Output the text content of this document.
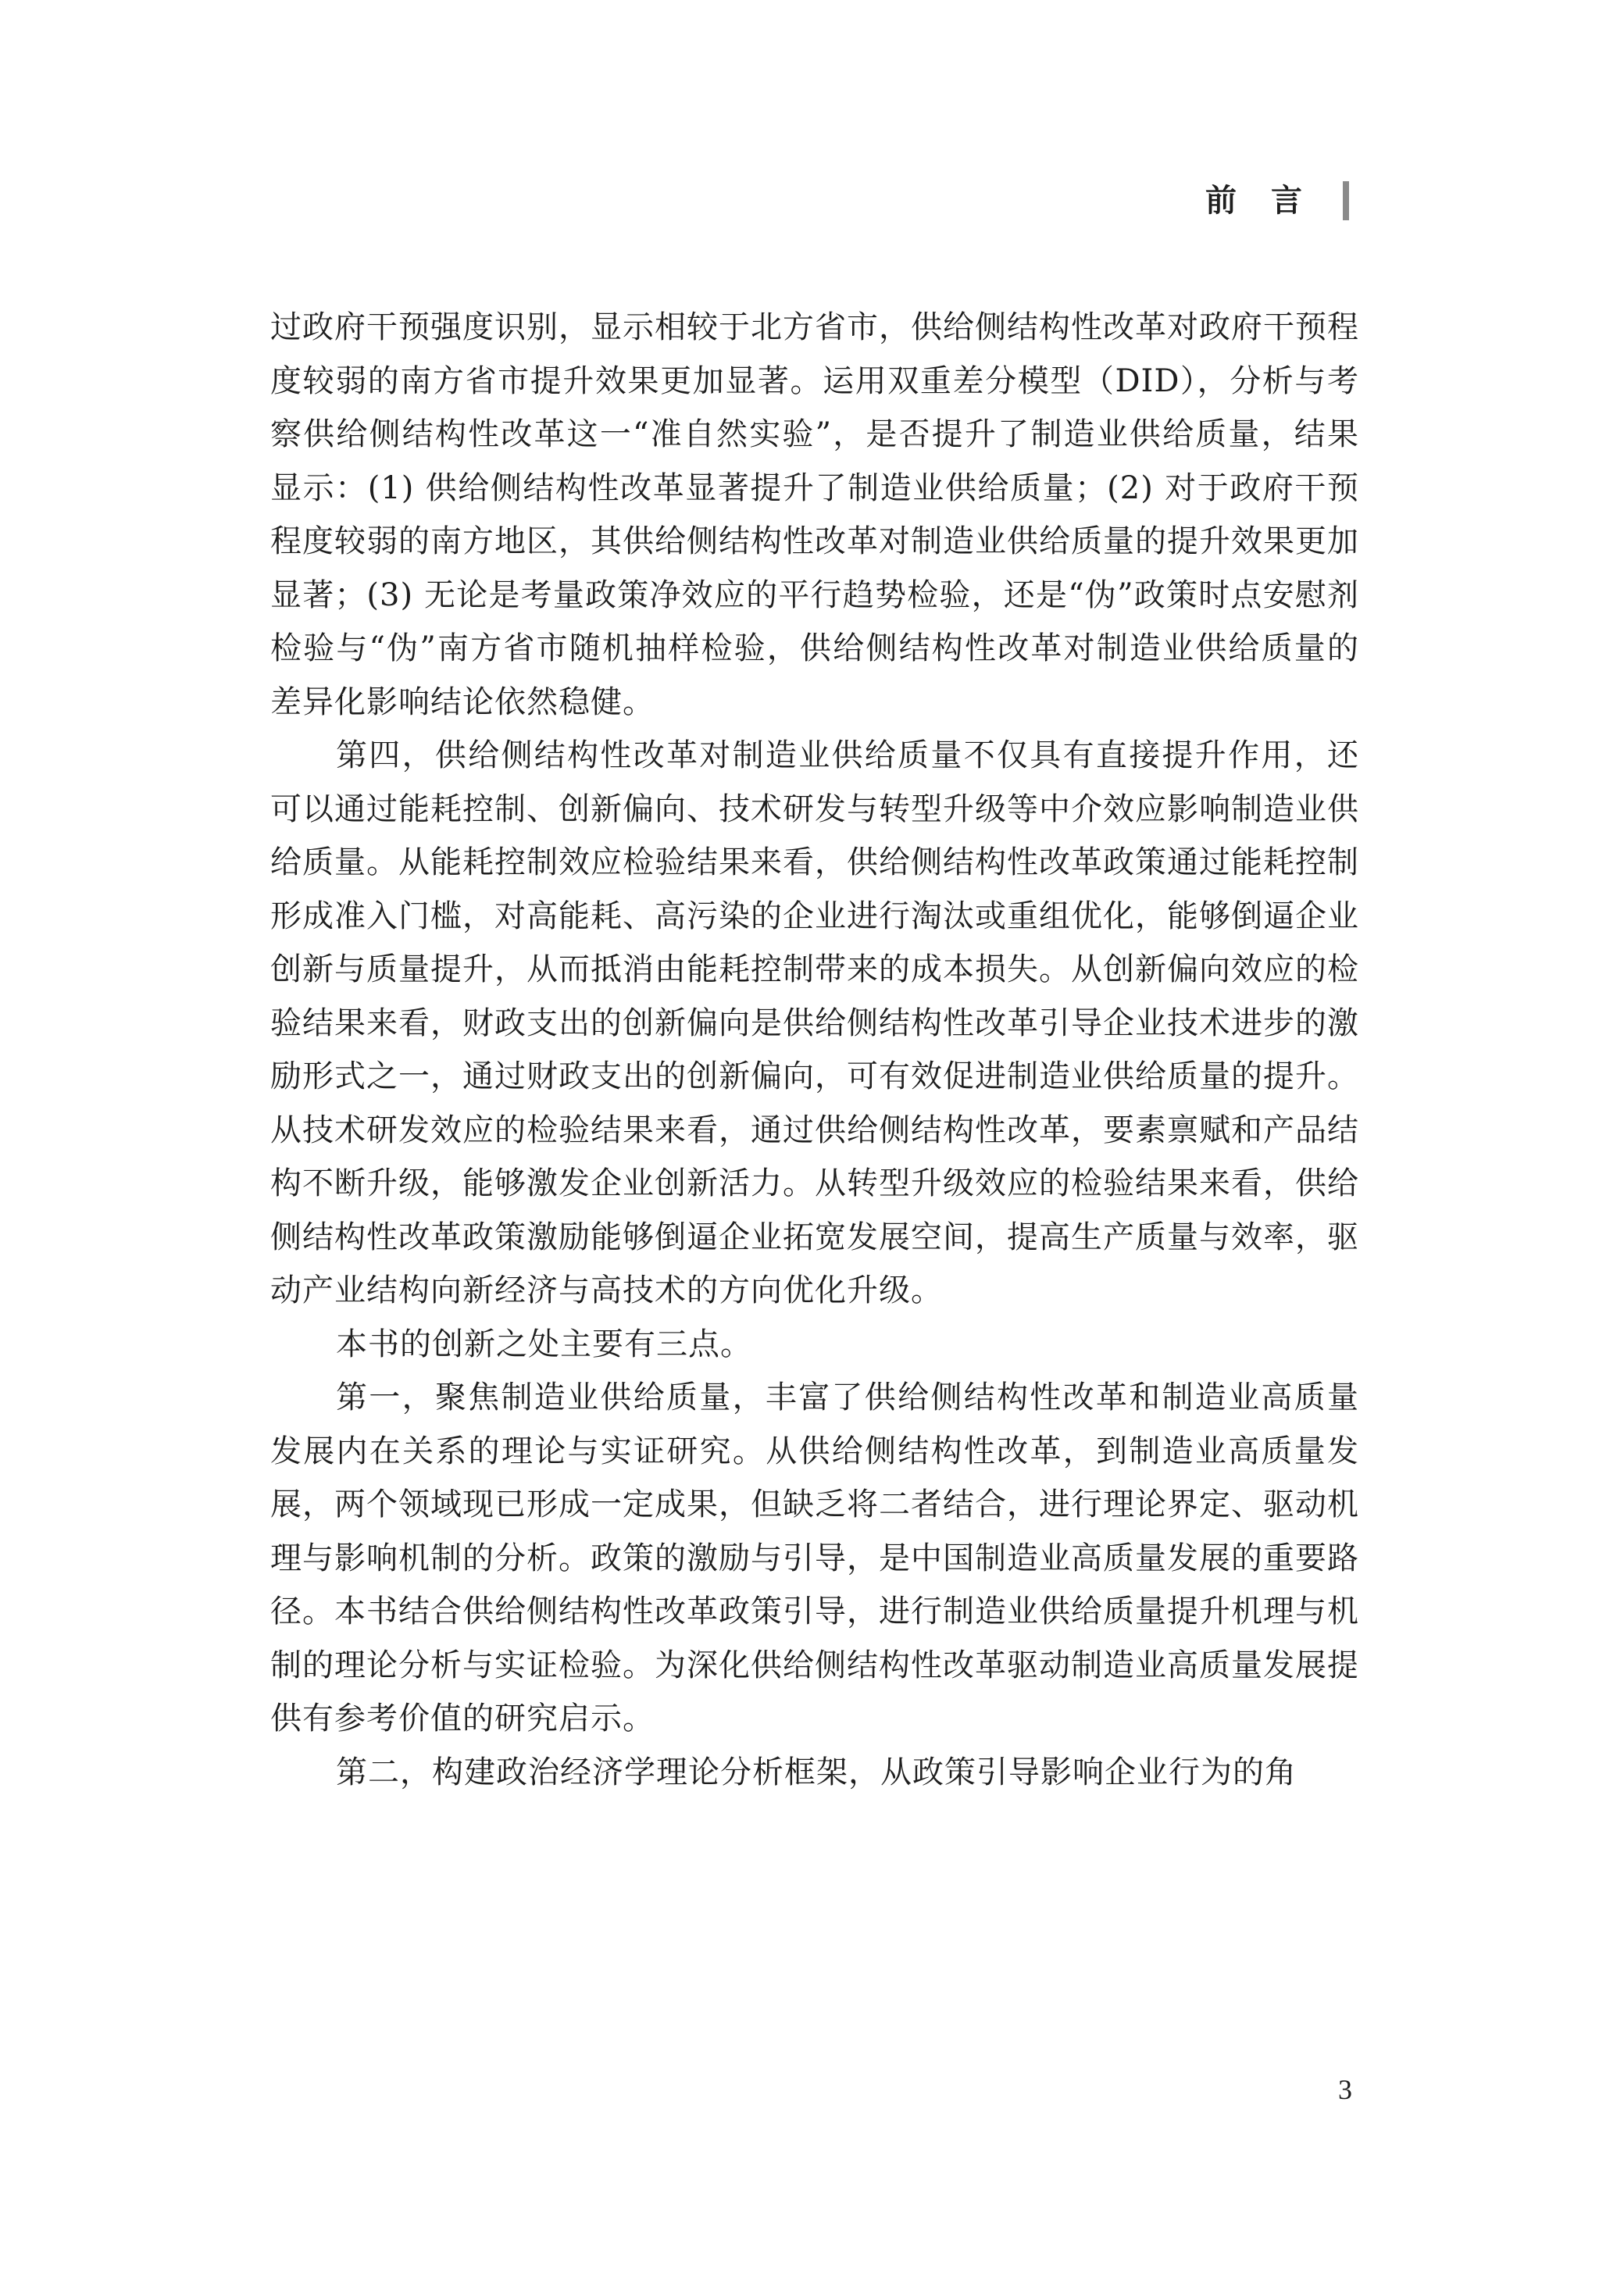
前言

过政府干预强度识别，显示相较于北方省市，供给侧结构性改革对政府干预程度较弱的南方省市提升效果更加显著。运用双重差分模型（DID），分析与考察供给侧结构性改革这一“准自然实验”，是否提升了制造业供给质量，结果显示：(1) 供给侧结构性改革显著提升了制造业供给质量；(2) 对于政府干预程度较弱的南方地区，其供给侧结构性改革对制造业供给质量的提升效果更加显著；(3) 无论是考量政策净效应的平行趋势检验，还是“伪”政策时点安慰剂检验与“伪”南方省市随机抽样检验，供给侧结构性改革对制造业供给质量的差异化影响结论依然稳健。

第四，供给侧结构性改革对制造业供给质量不仅具有直接提升作用，还可以通过能耗控制、创新偏向、技术研发与转型升级等中介效应影响制造业供给质量。从能耗控制效应检验结果来看，供给侧结构性改革政策通过能耗控制形成准入门槛，对高能耗、高污染的企业进行淘汰或重组优化，能够倒逼企业创新与质量提升，从而抵消由能耗控制带来的成本损失。从创新偏向效应的检验结果来看，财政支出的创新偏向是供给侧结构性改革引导企业技术进步的激励形式之一，通过财政支出的创新偏向，可有效促进制造业供给质量的提升。从技术研发效应的检验结果来看，通过供给侧结构性改革，要素禀赋和产品结构不断升级，能够激发企业创新活力。从转型升级效应的检验结果来看，供给侧结构性改革政策激励能够倒逼企业拓宽发展空间，提高生产质量与效率，驱动产业结构向新经济与高技术的方向优化升级。

本书的创新之处主要有三点。

第一，聚焦制造业供给质量，丰富了供给侧结构性改革和制造业高质量发展内在关系的理论与实证研究。从供给侧结构性改革，到制造业高质量发展，两个领域现已形成一定成果，但缺乏将二者结合，进行理论界定、驱动机理与影响机制的分析。政策的激励与引导，是中国制造业高质量发展的重要路径。本书结合供给侧结构性改革政策引导，进行制造业供给质量提升机理与机制的理论分析与实证检验。为深化供给侧结构性改革驱动制造业高质量发展提供有参考价值的研究启示。

第二，构建政治经济学理论分析框架，从政策引导影响企业行为的角

3
